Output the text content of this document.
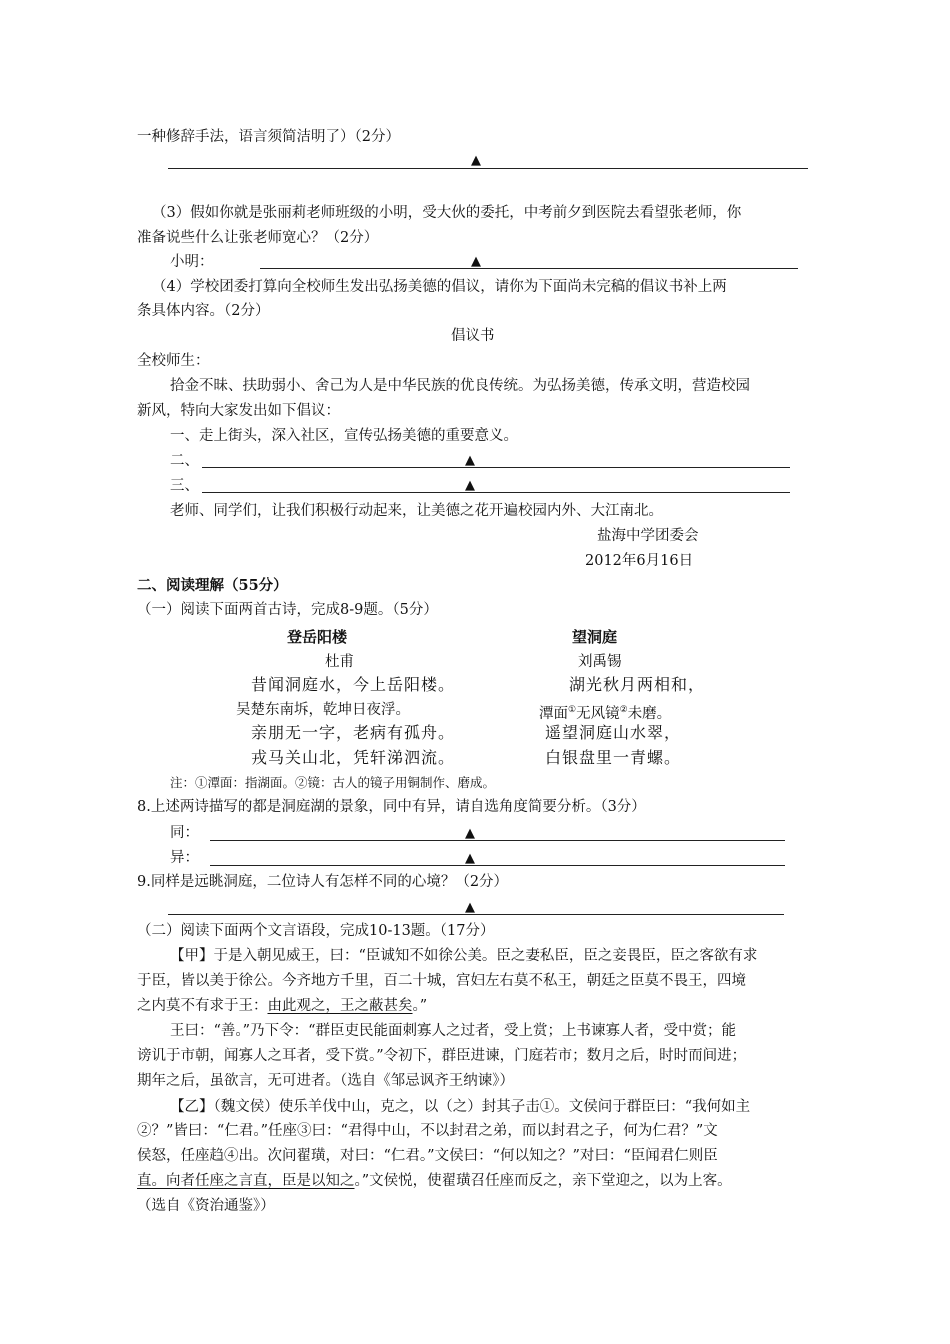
一种修辞手法，语言须简洁明了）（2分）
▲
（3）假如你就是张丽莉老师班级的小明，受大伙的委托，中考前夕到医院去看望张老师，你
准备说些什么让张老师宽心？（2分）
小明：	▲
（4）学校团委打算向全校师生发出弘扬美德的倡议，请你为下面尚未完稿的倡议书补上两
条具体内容。（2分）
倡议书
全校师生：
拾金不昧、扶助弱小、舍己为人是中华民族的优良传统。为弘扬美德，传承文明，营造校园
新风，特向大家发出如下倡议：
一、走上街头，深入社区，宣传弘扬美德的重要意义。
二、	▲
三、	▲
老师、同学们，让我们积极行动起来，让美德之花开遍校园内外、大江南北。
盐海中学团委会
2012年6月16日
二、阅读理解（55分）
（一）阅读下面两首古诗，完成8-9题。（5分）
登岳阳楼
杜甫
昔闻洞庭水，今上岳阳楼。
吴楚东南坼，乾坤日夜浮。
亲朋无一字，老病有孤舟。
戎马关山北，凭轩涕泗流。
望洞庭
刘禹锡
湖光秋月两相和，
潭面①无风镜②未磨。
遥望洞庭山水翠，
白银盘里一青螺。
注：①潭面：指湖面。②镜：古人的镜子用铜制作、磨成。
8.上述两诗描写的都是洞庭湖的景象，同中有异，请自选角度简要分析。（3分）
同：	▲
异：	▲
9.同样是远眺洞庭，二位诗人有怎样不同的心境？（2分）
▲
（二）阅读下面两个文言语段，完成10-13题。（17分）
【甲】于是入朝见威王，曰：“臣诚知不如徐公美。臣之妻私臣，臣之妾畏臣，臣之客欲有求
于臣，皆以美于徐公。今齐地方千里，百二十城，宫妇左右莫不私王，朝廷之臣莫不畏王，四境
之内莫不有求于王：由此观之，王之蔽甚矣。”
王曰：“善。”乃下令：“群臣吏民能面刺寡人之过者，受上赏；上书谏寡人者，受中赏；能
谤讥于市朝，闻寡人之耳者，受下赏。”令初下，群臣进谏，门庭若市；数月之后，时时而间进；
期年之后，虽欲言，无可进者。（选自《邹忌讽齐王纳谏》）
【乙】（魏文侯）使乐羊伐中山，克之，以（之）封其子击①。文侯问于群臣曰：“我何如主
②？”皆曰：“仁君。”任座③曰：“君得中山，不以封君之弟，而以封君之子，何为仁君？”文
侯怒，任座趋④出。次问翟璜，对曰：“仁君。”文侯曰：“何以知之？”对曰：“臣闻君仁则臣
直。向者任座之言直，臣是以知之。”文侯悦，使翟璜召任座而反之，亲下堂迎之，以为上客。
（选自《资治通鉴》）
